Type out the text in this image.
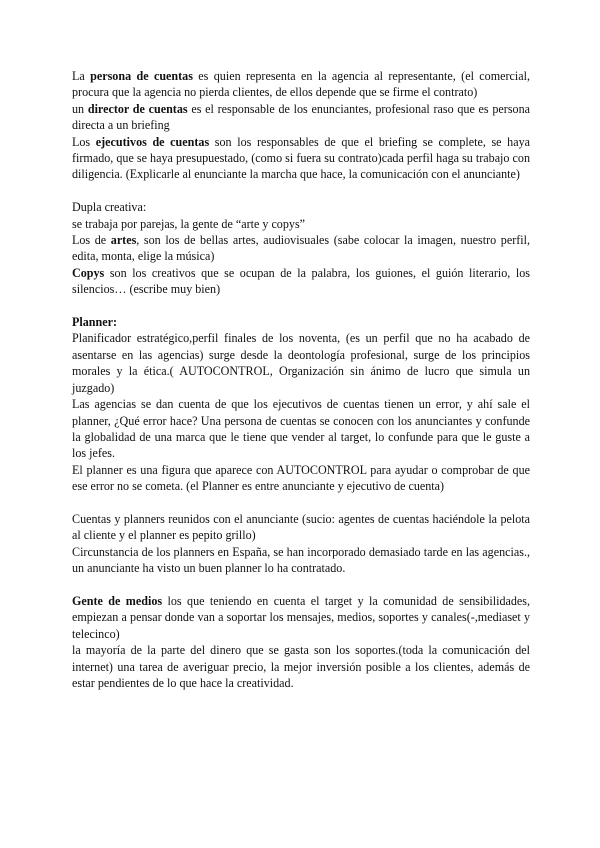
La persona de cuentas es quien representa en la agencia al representante, (el comercial, procura que la agencia no pierda clientes, de ellos depende que se firme el contrato)

un director de cuentas es el responsable de los enunciantes, profesional raso que es persona directa a un briefing

Los ejecutivos de cuentas son los responsables de que el briefing se complete, se haya firmado, que se haya presupuestado, (como si fuera su contrato)cada perfil haga su trabajo con diligencia. (Explicarle al enunciante la marcha que hace, la comunicación con el anunciante)

Dupla creativa:

se trabaja por parejas, la gente de “arte y copys”

Los de artes, son los de bellas artes, audiovisuales (sabe colocar la imagen, nuestro perfil, edita, monta, elige la música)

Copys son los creativos que se ocupan de la palabra, los guiones, el guión literario, los silencios… (escribe muy bien)

Planner:

Planificador estratégico,perfil finales de los noventa, (es un perfil que no ha acabado de asentarse en las agencias) surge desde la deontología profesional, surge de los principios morales y la ética.( AUTOCONTROL, Organización sin ánimo de lucro que simula un juzgado)

Las agencias se dan cuenta de que los ejecutivos de cuentas tienen un error, y ahí sale el planner, ¿Qué error hace? Una persona de cuentas se conocen con los anunciantes y confunde la globalidad de una marca que le tiene que vender al target, lo confunde para que le guste a los jefes.

El planner es una figura que aparece con AUTOCONTROL para ayudar o comprobar de que ese error no se cometa. (el Planner es entre anunciante y ejecutivo de cuenta)

Cuentas y planners reunidos con el anunciante (sucio: agentes de cuentas haciéndole la pelota al cliente y el planner es pepito grillo)

Circunstancia de los planners en España, se han incorporado demasiado tarde en las agencias., un anunciante ha visto un buen planner lo ha contratado.

Gente de medios los que teniendo en cuenta el target y la comunidad de sensibilidades, empiezan a pensar donde van a soportar los mensajes, medios, soportes y canales(-,mediaset y telecinco)

la mayoría de la parte del dinero que se gasta son los soportes.(toda la comunicación del internet) una tarea de averiguar precio, la mejor inversión posible a los clientes, además de estar pendientes de lo que hace la creatividad.
